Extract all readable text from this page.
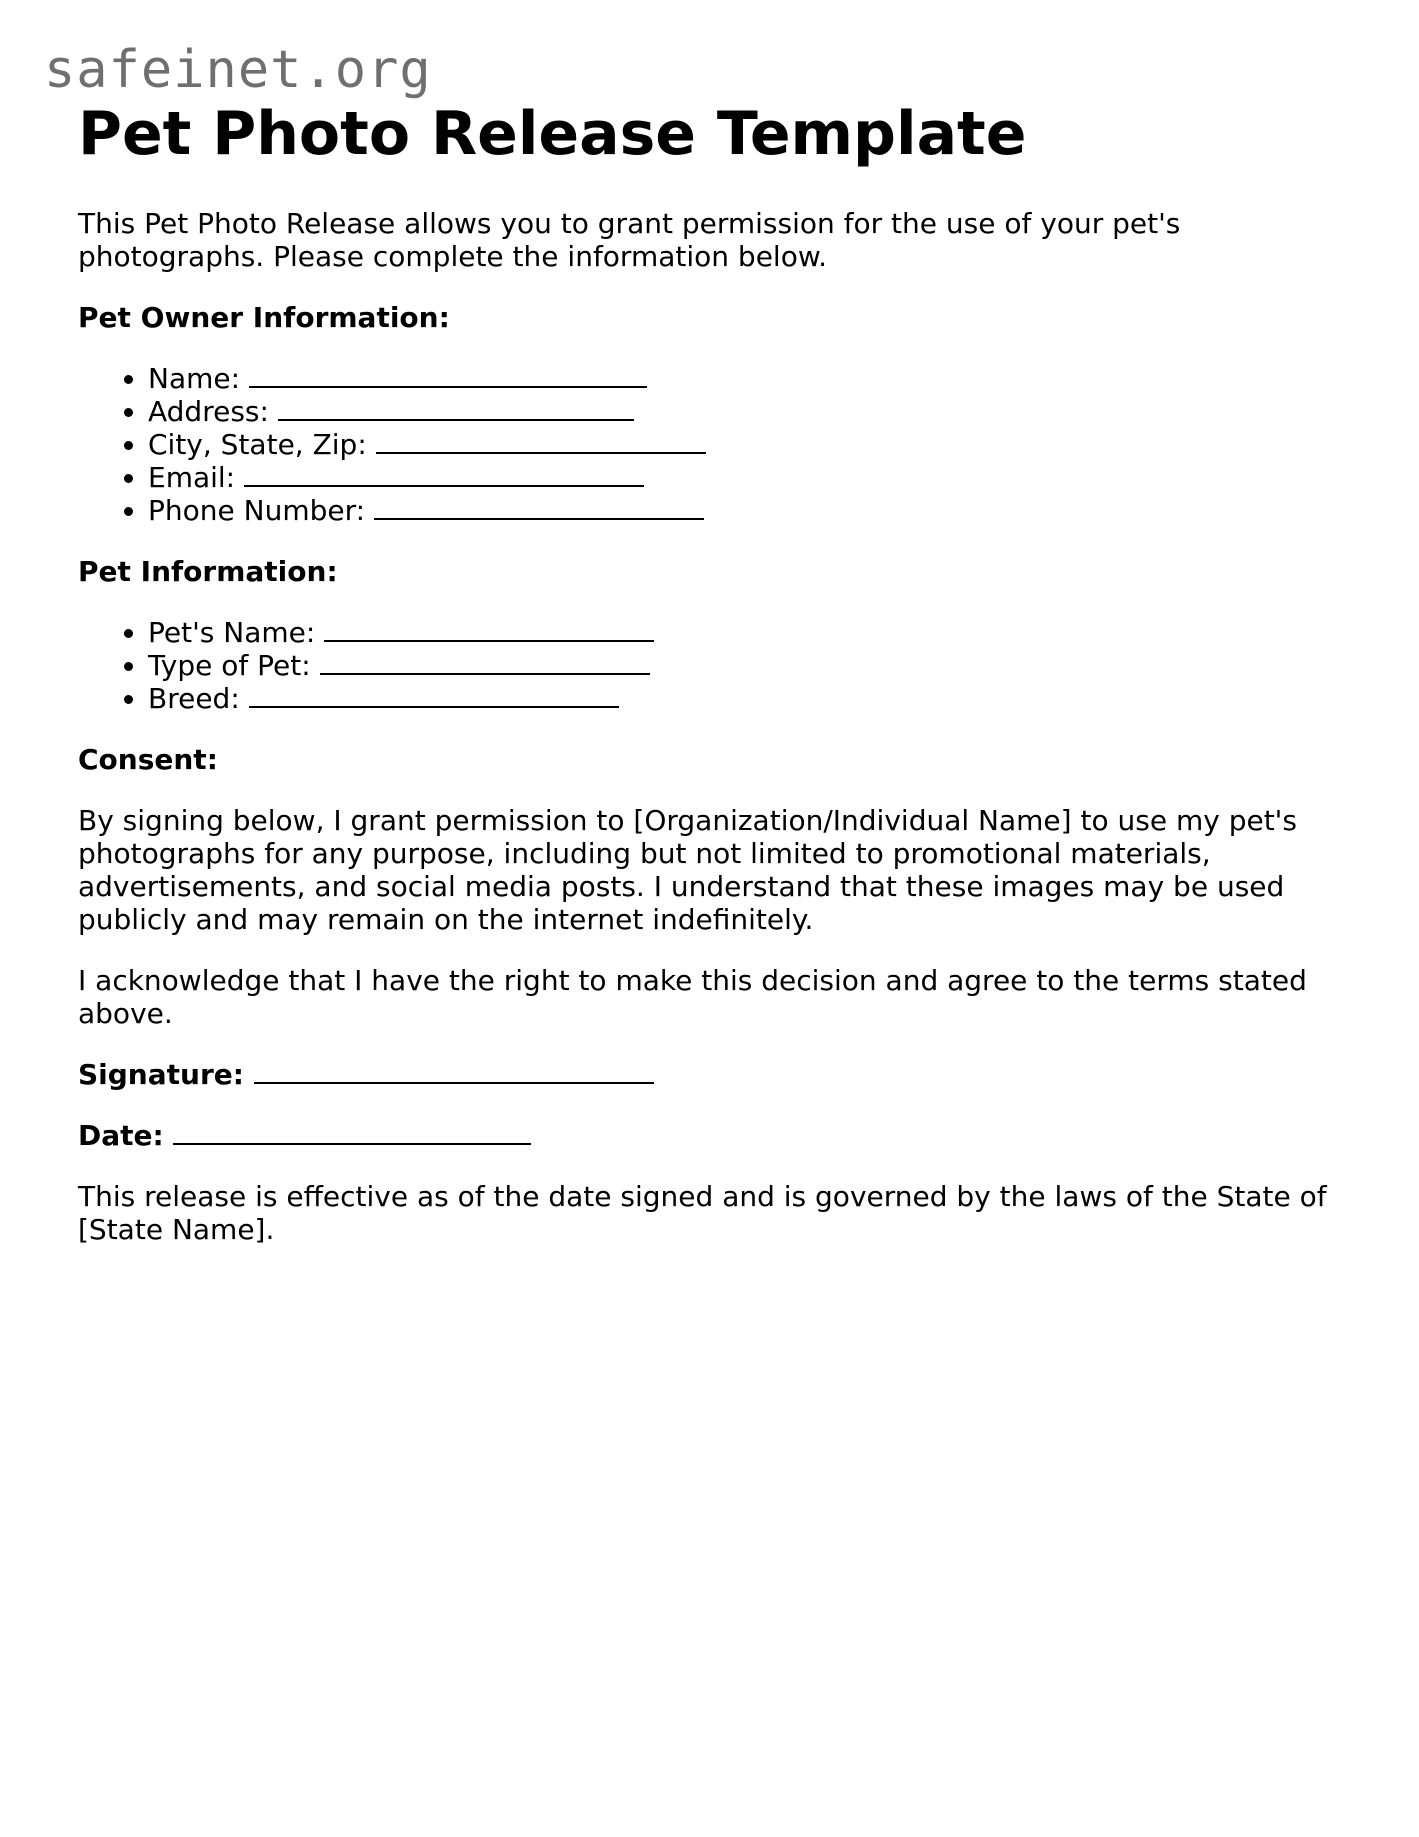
safeinet.org
Pet Photo Release Template

This Pet Photo Release allows you to grant permission for the use of your pet's photographs. Please complete the information below.

Pet Owner Information:

• Name:
• Address:
• City, State, Zip:
• Email:
• Phone Number:

Pet Information:

• Pet's Name:
• Type of Pet:
• Breed:

Consent:

By signing below, I grant permission to [Organization/Individual Name] to use my pet's photographs for any purpose, including but not limited to promotional materials, advertisements, and social media posts. I understand that these images may be used publicly and may remain on the internet indefinitely.

I acknowledge that I have the right to make this decision and agree to the terms stated above.

Signature:

Date:

This release is effective as of the date signed and is governed by the laws of the State of [State Name].
